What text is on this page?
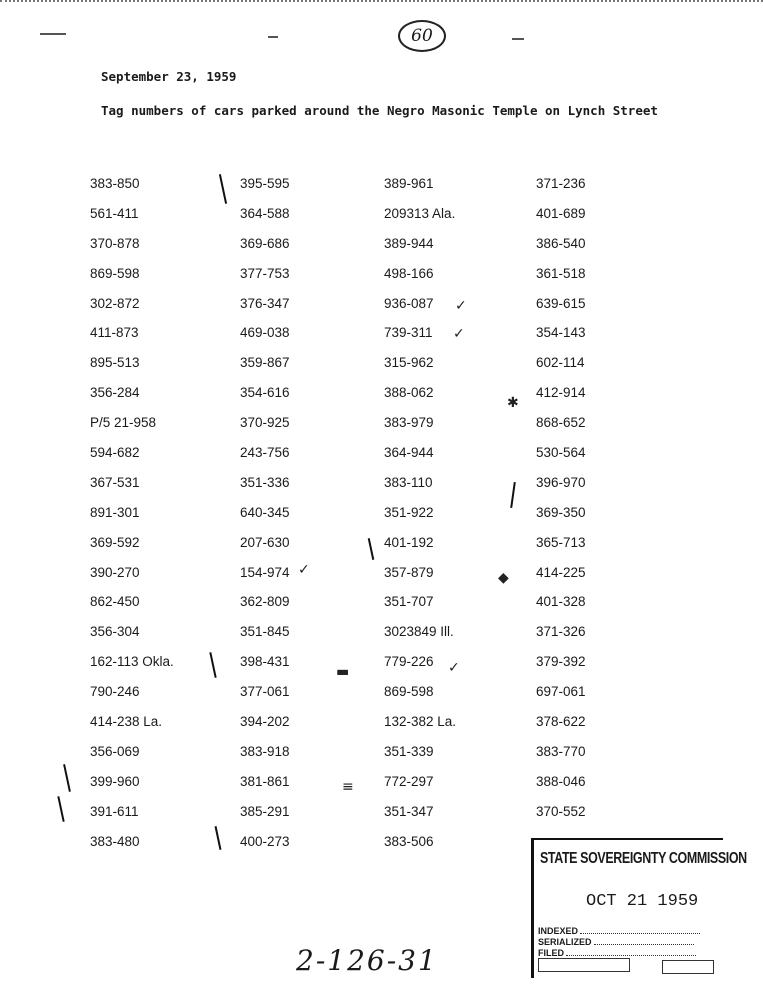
60
September 23, 1959
Tag numbers of cars parked around the Negro Masonic Temple on Lynch Street
383-850
561-411
370-878
869-598
302-872
411-873
895-513
356-284
P/5 21-958
594-682
367-531
891-301
369-592
390-270
862-450
356-304
162-113 Okla.
790-246
414-238 La.
356-069
399-960
391-611
383-480
395-595
364-588
369-686
377-753
376-347
469-038
359-867
354-616
370-925
243-756
351-336
640-345
207-630
154-974
362-809
351-845
398-431
377-061
394-202
383-918
381-861
385-291
400-273
389-961
209313 Ala.
389-944
498-166
936-087
739-311
315-962
388-062
383-979
364-944
383-110
351-922
401-192
357-879
351-707
3023849 Ill.
779-226
869-598
132-382 La.
351-339
772-297
351-347
383-506
371-236
401-689
386-540
361-518
639-615
354-143
602-114
412-914
868-652
530-564
396-970
369-350
365-713
414-225
401-328
371-326
379-392
697-061
378-622
383-770
388-046
370-552
✓
✓
✓
✓
▬
◆
✱
≡
STATE SOVEREIGNTY COMMISSION
OCT 21 1959
INDEXED
SERIALIZED
FILED
2-126-31
